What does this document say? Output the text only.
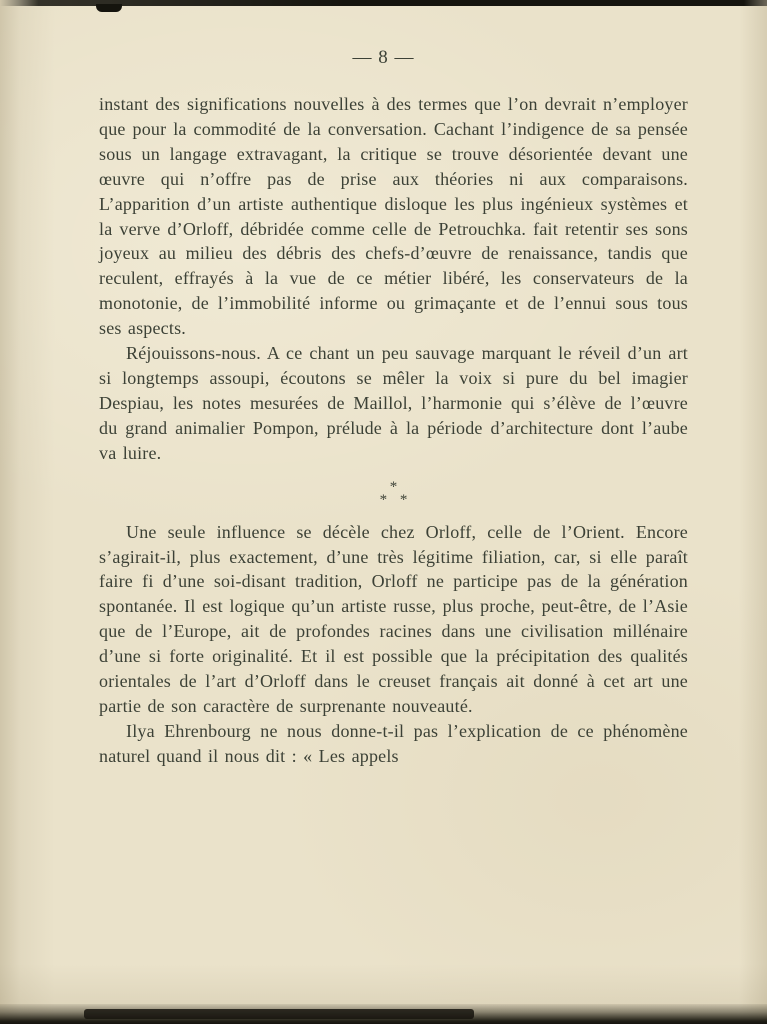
— 8 —

instant des significations nouvelles à des termes que l’on devrait n’employer que pour la commodité de la conversation. Cachant l’indigence de sa pensée sous un langage extravagant, la critique se trouve désorientée devant une œuvre qui n’offre pas de prise aux théories ni aux comparaisons. L’apparition d’un artiste authentique disloque les plus ingénieux systèmes et la verve d’Orloff, débridée comme celle de Petrouchka. fait retentir ses sons joyeux au milieu des débris des chefs-d’œuvre de renaissance, tandis que reculent, effrayés à la vue de ce métier libéré, les conservateurs de la monotonie, de l’immobilité informe ou grimaçante et de l’ennui sous tous ses aspects.

Réjouissons-nous. A ce chant un peu sauvage marquant le réveil d’un art si longtemps assoupi, écoutons se mêler la voix si pure du bel imagier Despiau, les notes mesurées de Maillol, l’harmonie qui s’élève de l’œuvre du grand animalier Pompon, prélude à la période d’architecture dont l’aube va luire.

*
* *

Une seule influence se décèle chez Orloff, celle de l’Orient. Encore s’agirait-il, plus exactement, d’une très légitime filiation, car, si elle paraît faire fi d’une soi-disant tradition, Orloff ne participe pas de la génération spontanée. Il est logique qu’un artiste russe, plus proche, peut-être, de l’Asie que de l’Europe, ait de profondes racines dans une civilisation millénaire d’une si forte originalité. Et il est possible que la précipitation des qualités orientales de l’art d’Orloff dans le creuset français ait donné à cet art une partie de son caractère de surprenante nouveauté.

Ilya Ehrenbourg ne nous donne-t-il pas l’explication de ce phénomène naturel quand il nous dit : « Les appels
